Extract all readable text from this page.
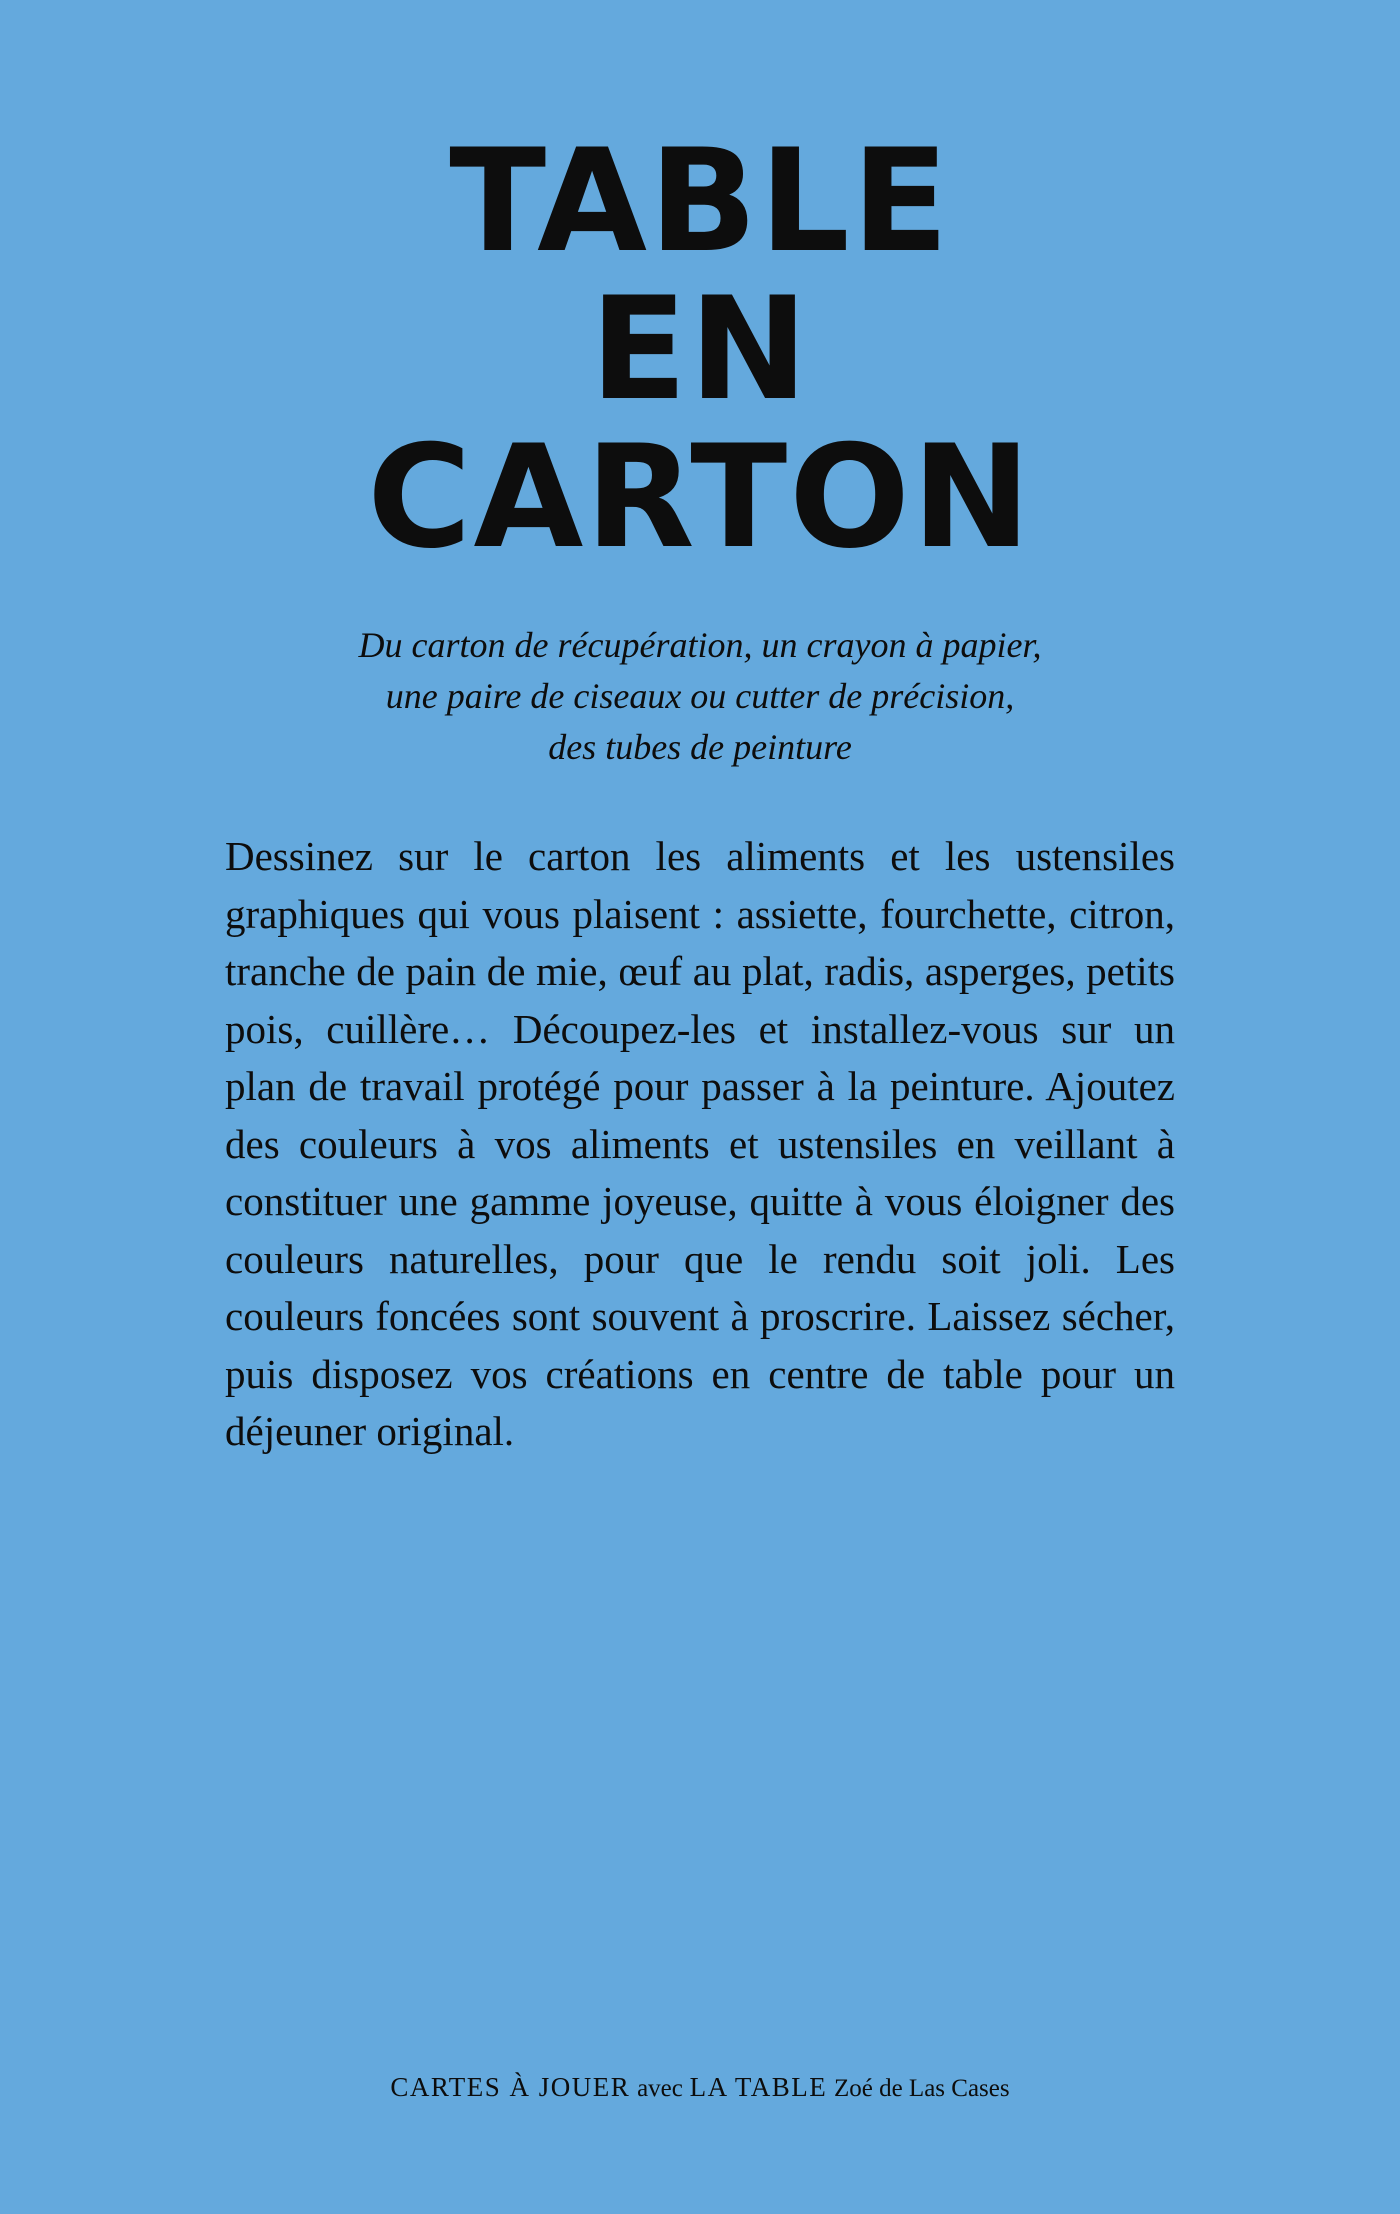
TABLE
EN
CARTON
Du carton de récupération, un crayon à papier,
une paire de ciseaux ou cutter de précision,
des tubes de peinture

Dessinez sur le carton les aliments et les ustensiles graphiques qui vous plaisent : assiette, fourchette, citron, tranche de pain de mie, œuf au plat, radis, asperges, petits pois, cuillère… Découpez-les et installez-vous sur un plan de travail protégé pour passer à la peinture. Ajoutez des couleurs à vos aliments et ustensiles en veillant à constituer une gamme joyeuse, quitte à vous éloigner des couleurs naturelles, pour que le rendu soit joli. Les couleurs foncées sont souvent à proscrire. Laissez sécher, puis disposez vos créations en centre de table pour un déjeuner original.

CARTES À JOUER avec LA TABLE Zoé de Las Cases
